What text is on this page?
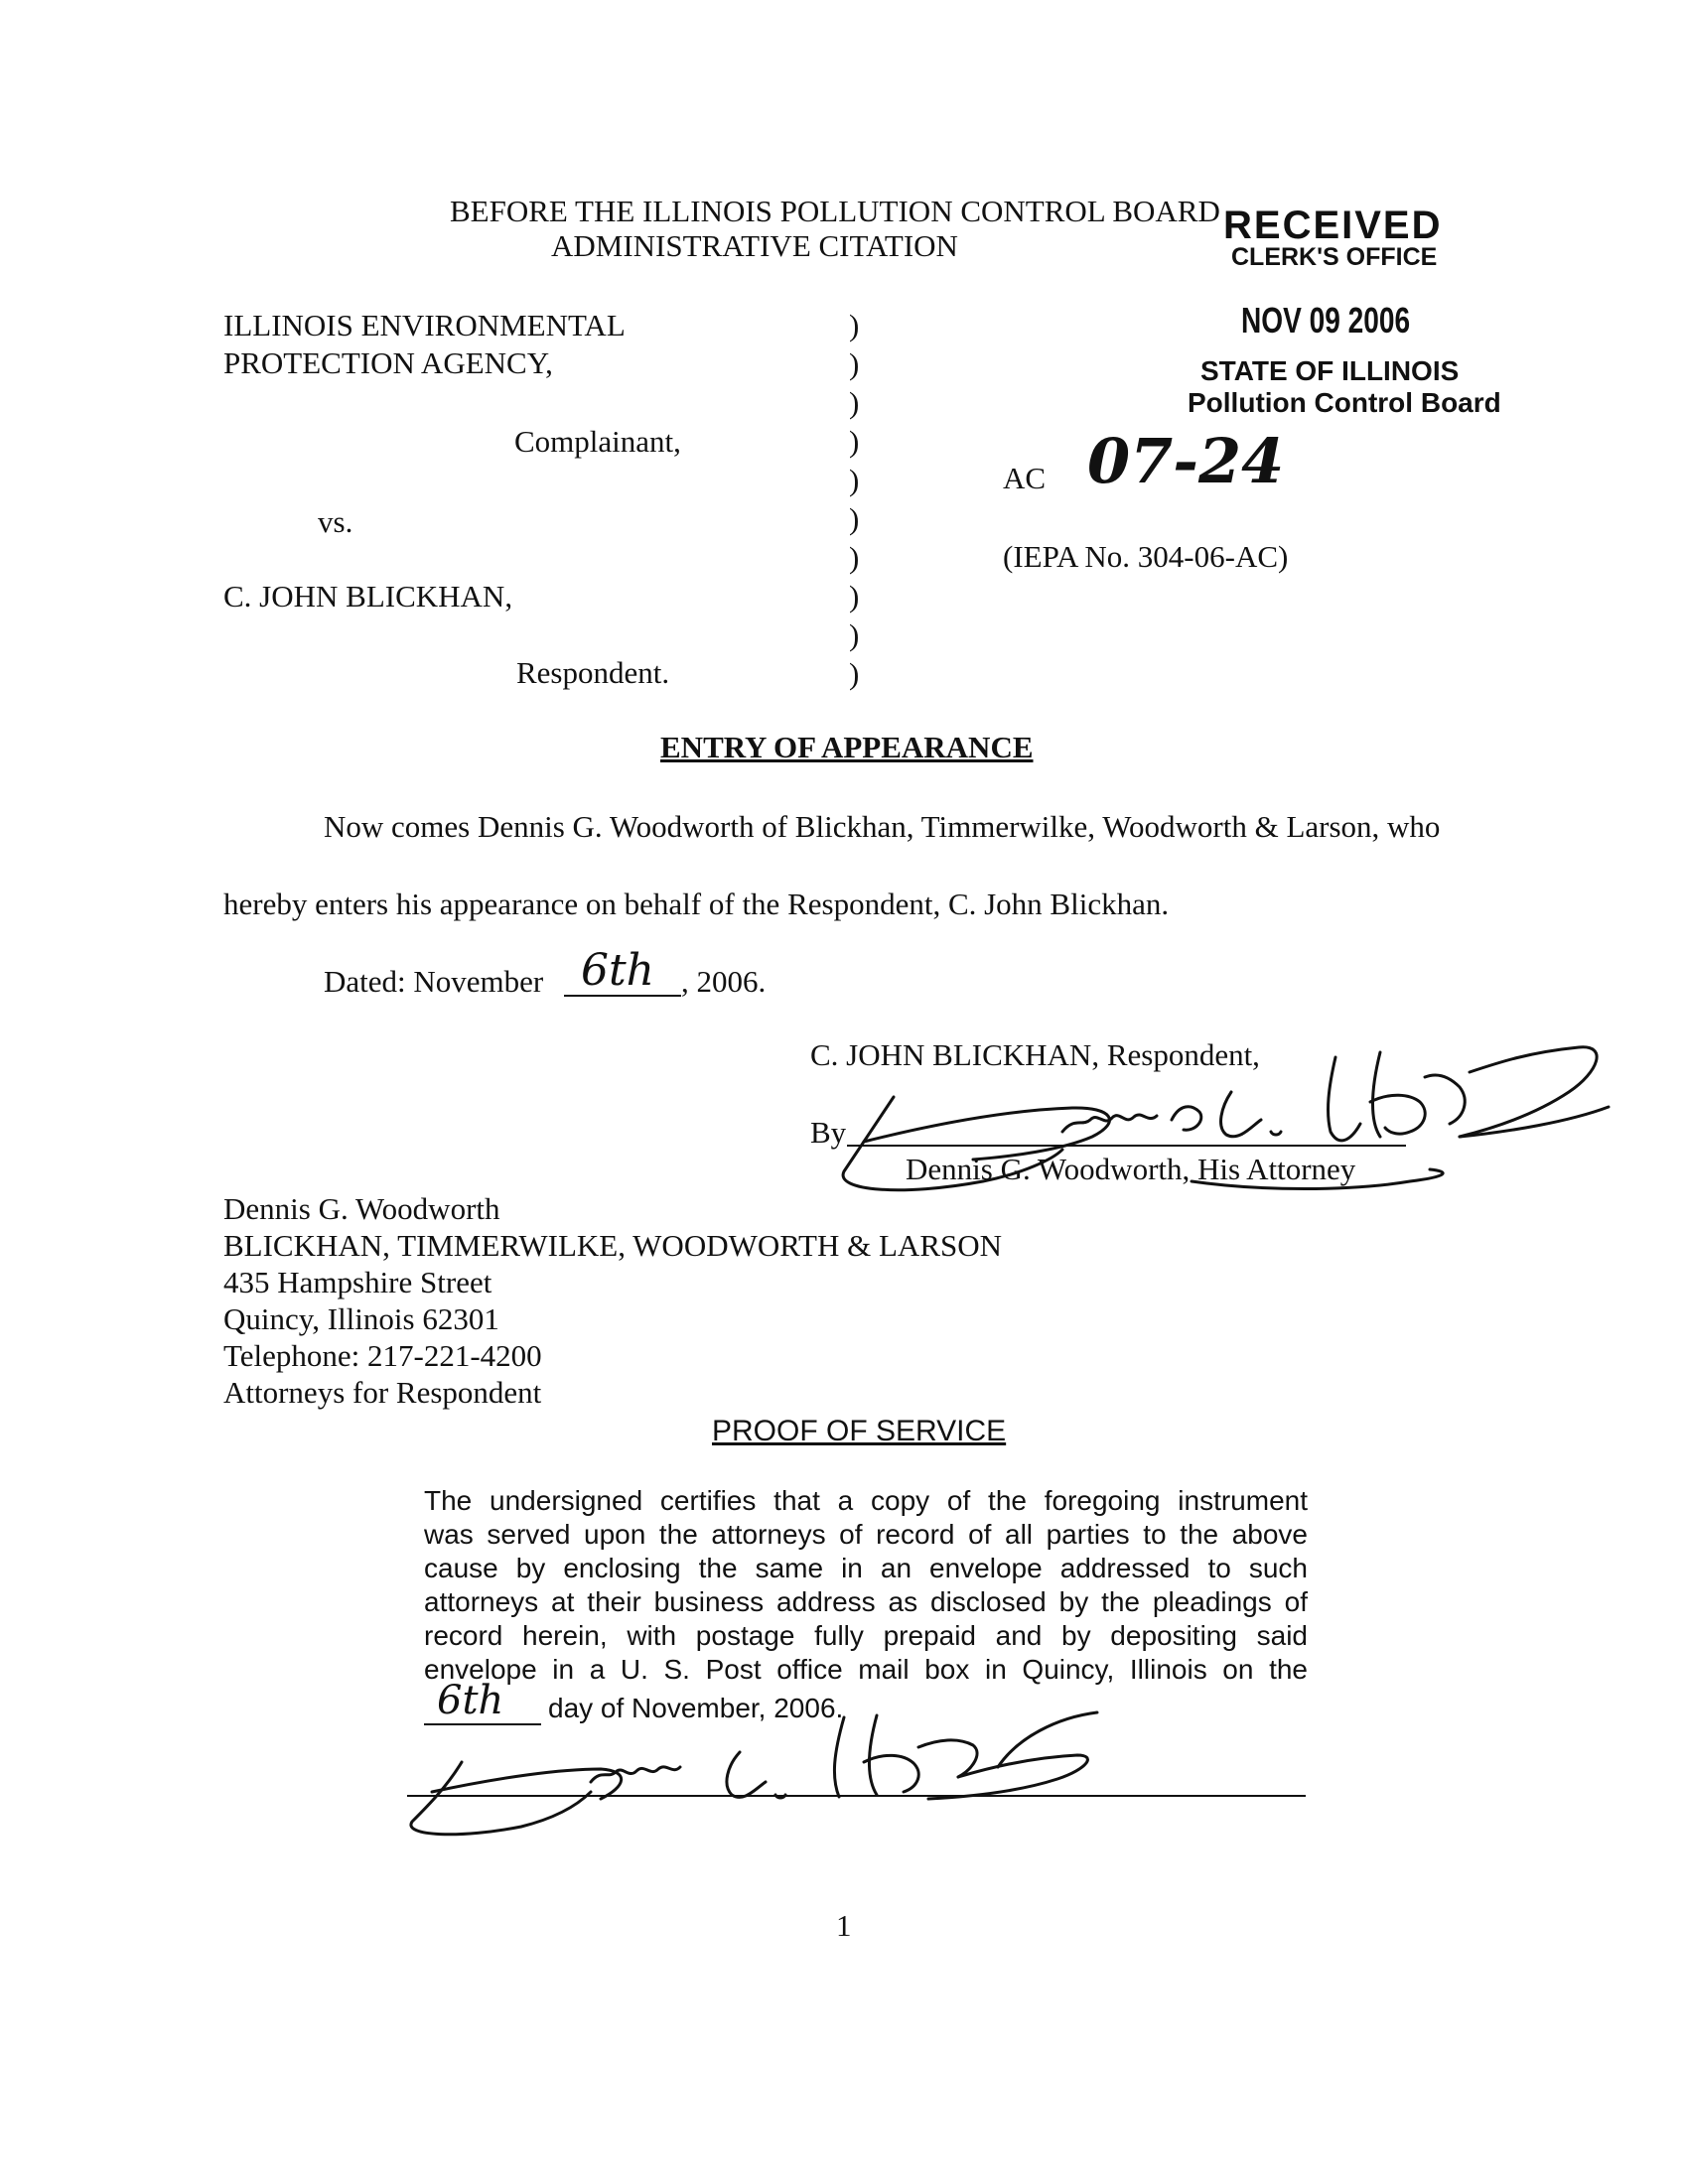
BEFORE THE ILLINOIS POLLUTION CONTROL BOARD
ADMINISTRATIVE CITATION	RECEIVED
CLERK'S OFFICE
NOV 09 2006
STATE OF ILLINOIS
Pollution Control Board
ILLINOIS ENVIRONMENTAL
PROTECTION AGENCY,
Complainant,
vs.
C. JOHN BLICKHAN,
Respondent.
)
)
)
)
)
)
)
)
)
)
AC 07-24
(IEPA No. 304-06-AC)
ENTRY OF APPEARANCE
Now comes Dennis G. Woodworth of Blickhan, Timmerwilke, Woodworth & Larson, who
hereby enters his appearance on behalf of the Respondent, C. John Blickhan.
Dated: November 6th , 2006.
C. JOHN BLICKHAN, Respondent,
By
Dennis G. Woodworth, His Attorney
Dennis G. Woodworth
BLICKHAN, TIMMERWILKE, WOODWORTH & LARSON
435 Hampshire Street
Quincy, Illinois 62301
Telephone: 217-221-4200
Attorneys for Respondent
PROOF OF SERVICE
The undersigned certifies that a copy of the foregoing instrument
was served upon the attorneys of record of all parties to the above
cause by enclosing the same in an envelope addressed to such
attorneys at their business address as disclosed by the pleadings of
record herein, with postage fully prepaid and by depositing said
envelope in a U. S. Post office mail box in Quincy, Illinois on the
6th day of November, 2006.
1
